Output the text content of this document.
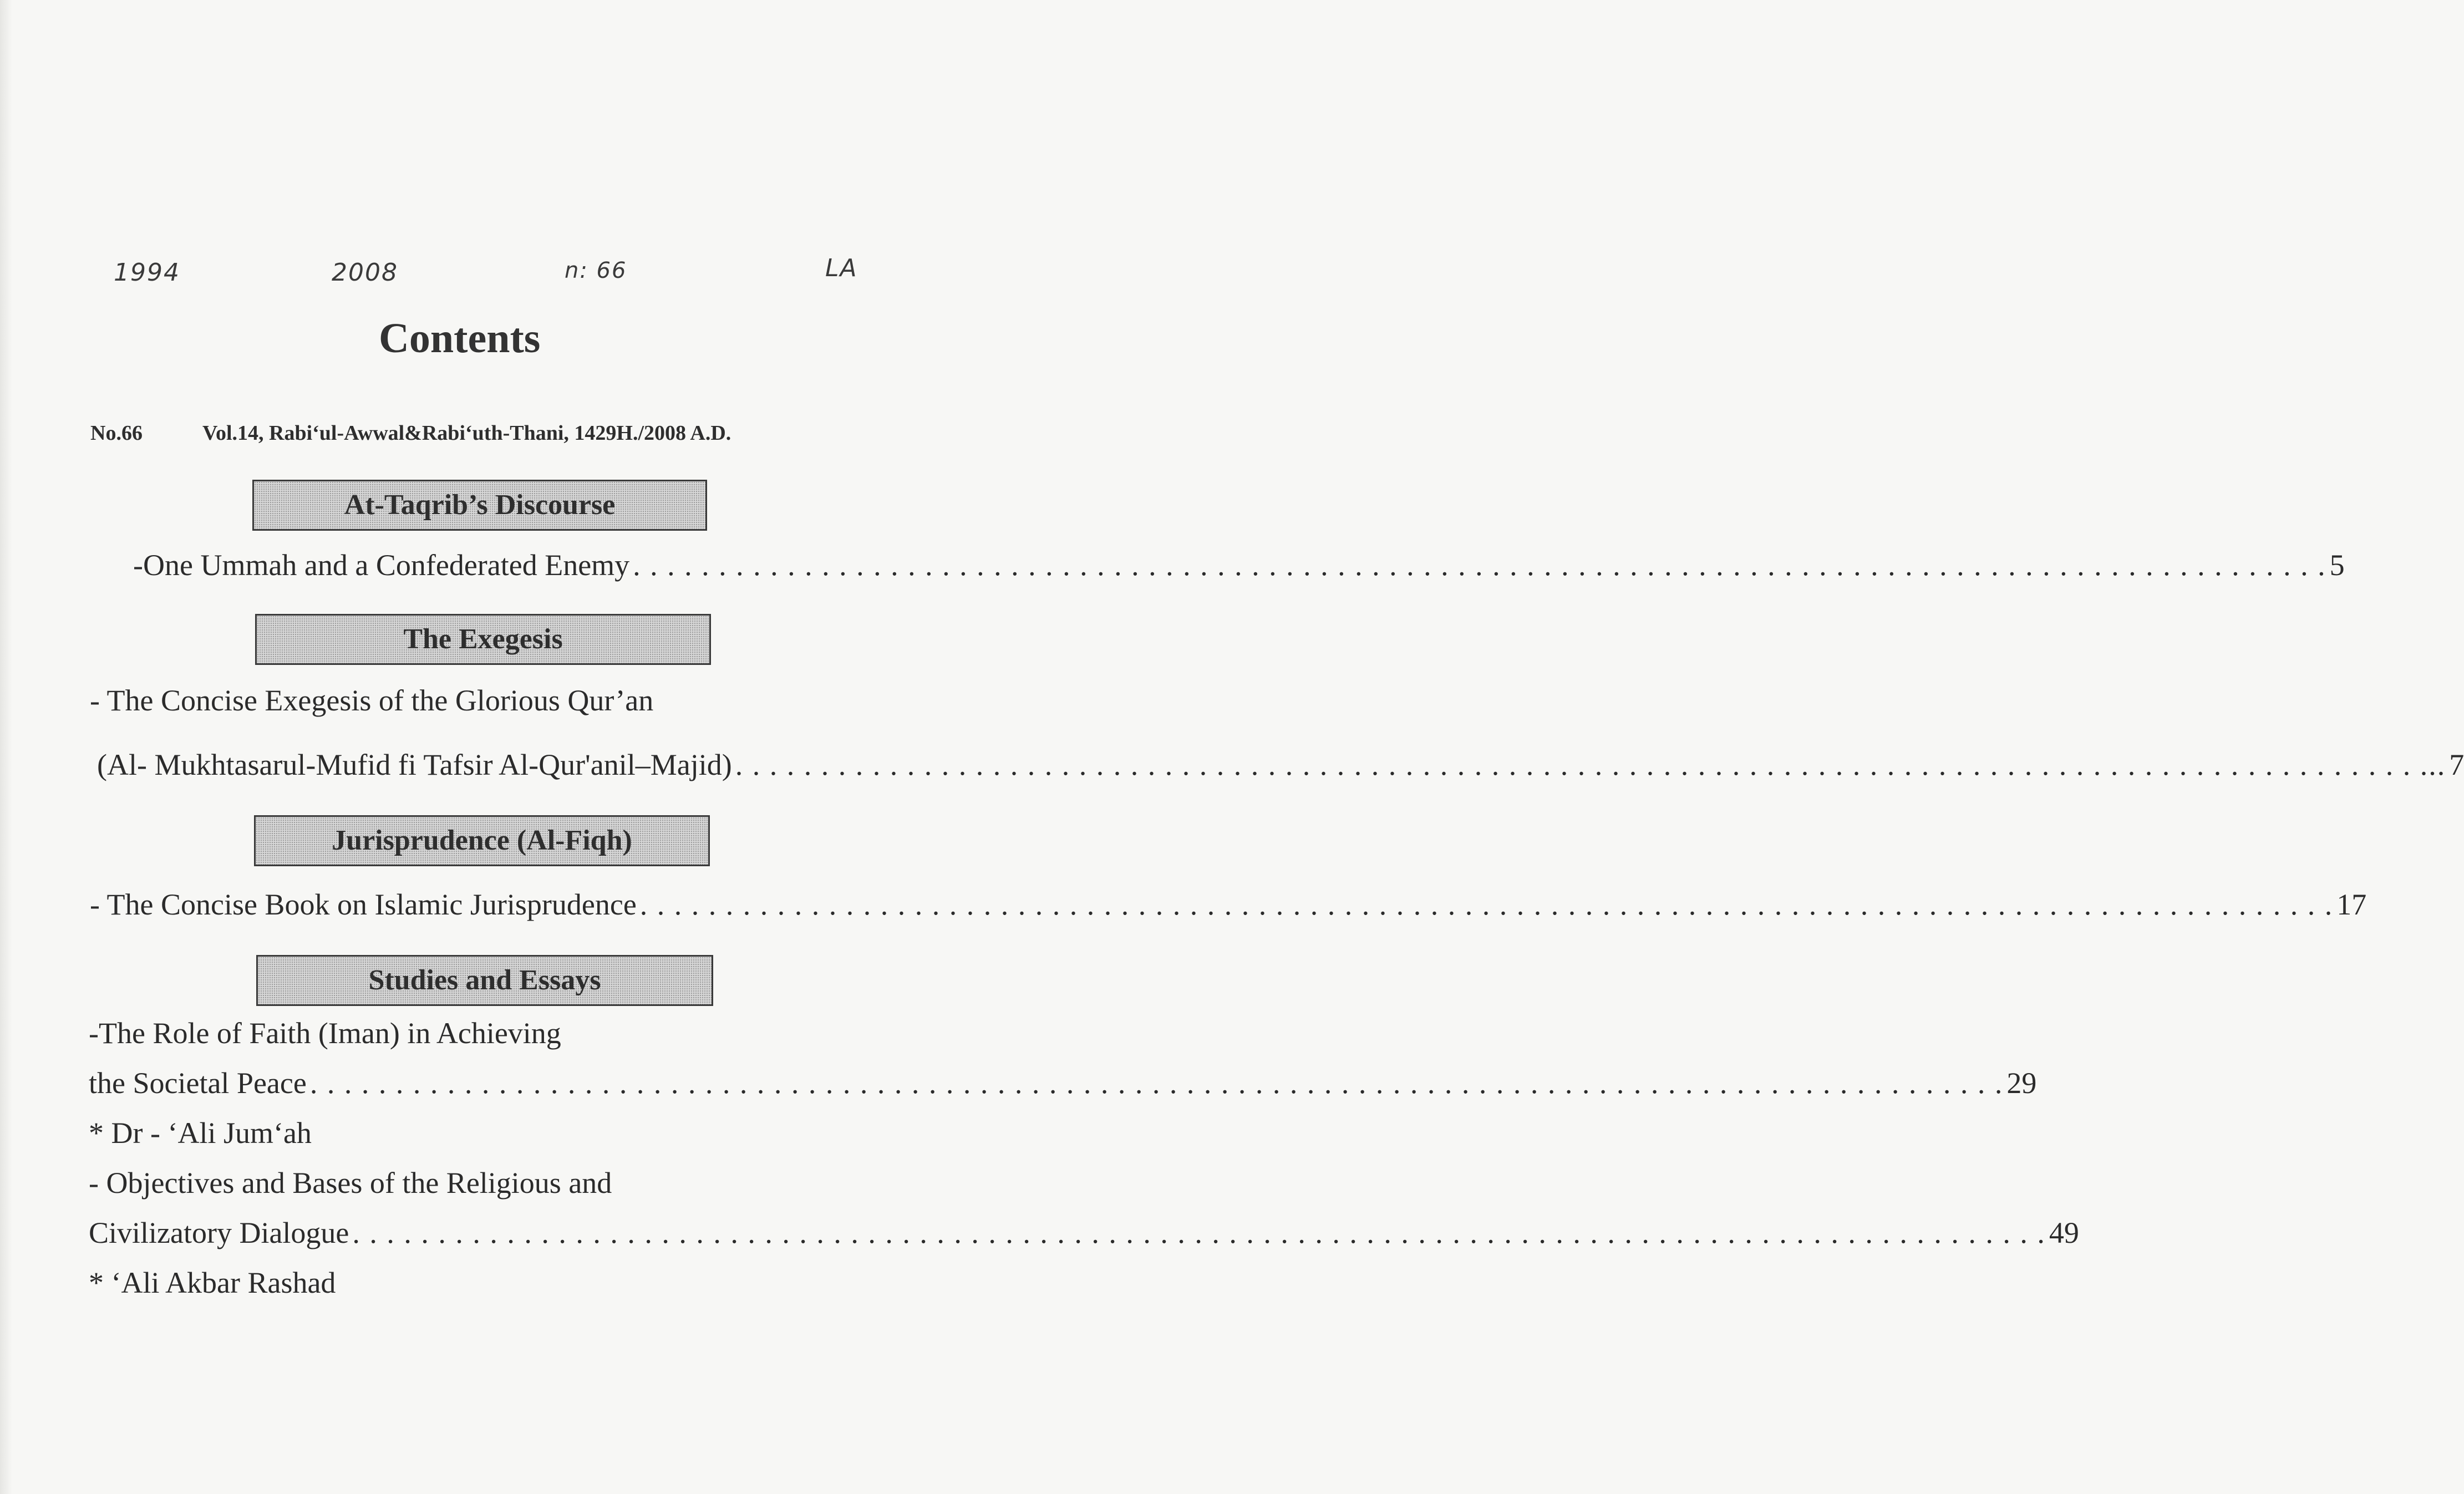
1994	2008	n: 66	LA
Contents
No.66	Vol.14, Rabi‘ul-Awwal&Rabi‘uth-Thani, 1429H./2008 A.D.
At-Taqrib’s Discourse
-One Ummah and a Confederated Enemy . . .	5
The Exegesis
- The Concise Exegesis of the Glorious Qur’an
(Al- Mukhtasarul-Mufid fi Tafsir Al-Qur'anil–Majid)	. . . .. 7
Jurisprudence (Al-Fiqh)
- The Concise Book on Islamic Jurisprudence . . .	17
Studies and Essays
-The Role of Faith (Iman) in Achieving
the Societal Peace . . .	29
* Dr - ‘Ali Jum‘ah
- Objectives and Bases of the Religious and
Civilizatory Dialogue . . .	49
* ‘Ali Akbar Rashad
